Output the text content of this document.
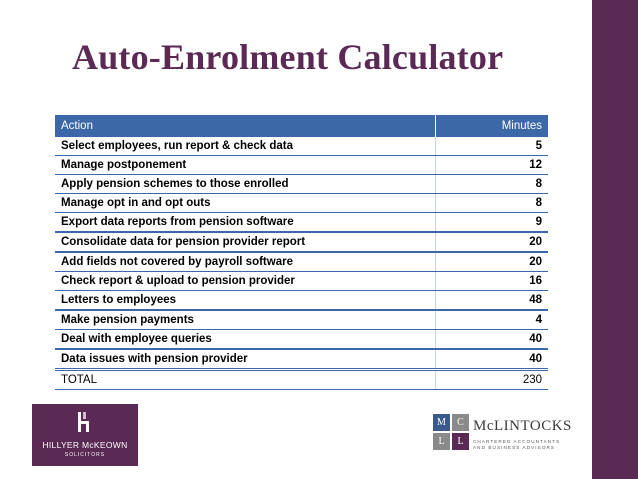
Auto-Enrolment Calculator
Action	Minutes
Select employees, run report & check data	5
Manage postponement	12
Apply pension schemes to those enrolled	8
Manage opt in and opt outs	8
Export data reports from pension software	9
Consolidate data for pension provider report	20
Add fields not covered by payroll software	20
Check report & upload to pension provider	16
Letters to employees	48
Make pension payments	4
Deal with employee queries	40
Data issues with pension provider	40
TOTAL	230
HILLYER McKEOWN
SOLICITORS
M	C
L	L
McLINTOCKS
CHARTERED ACCOUNTANTS
AND BUSINESS ADVISORS
